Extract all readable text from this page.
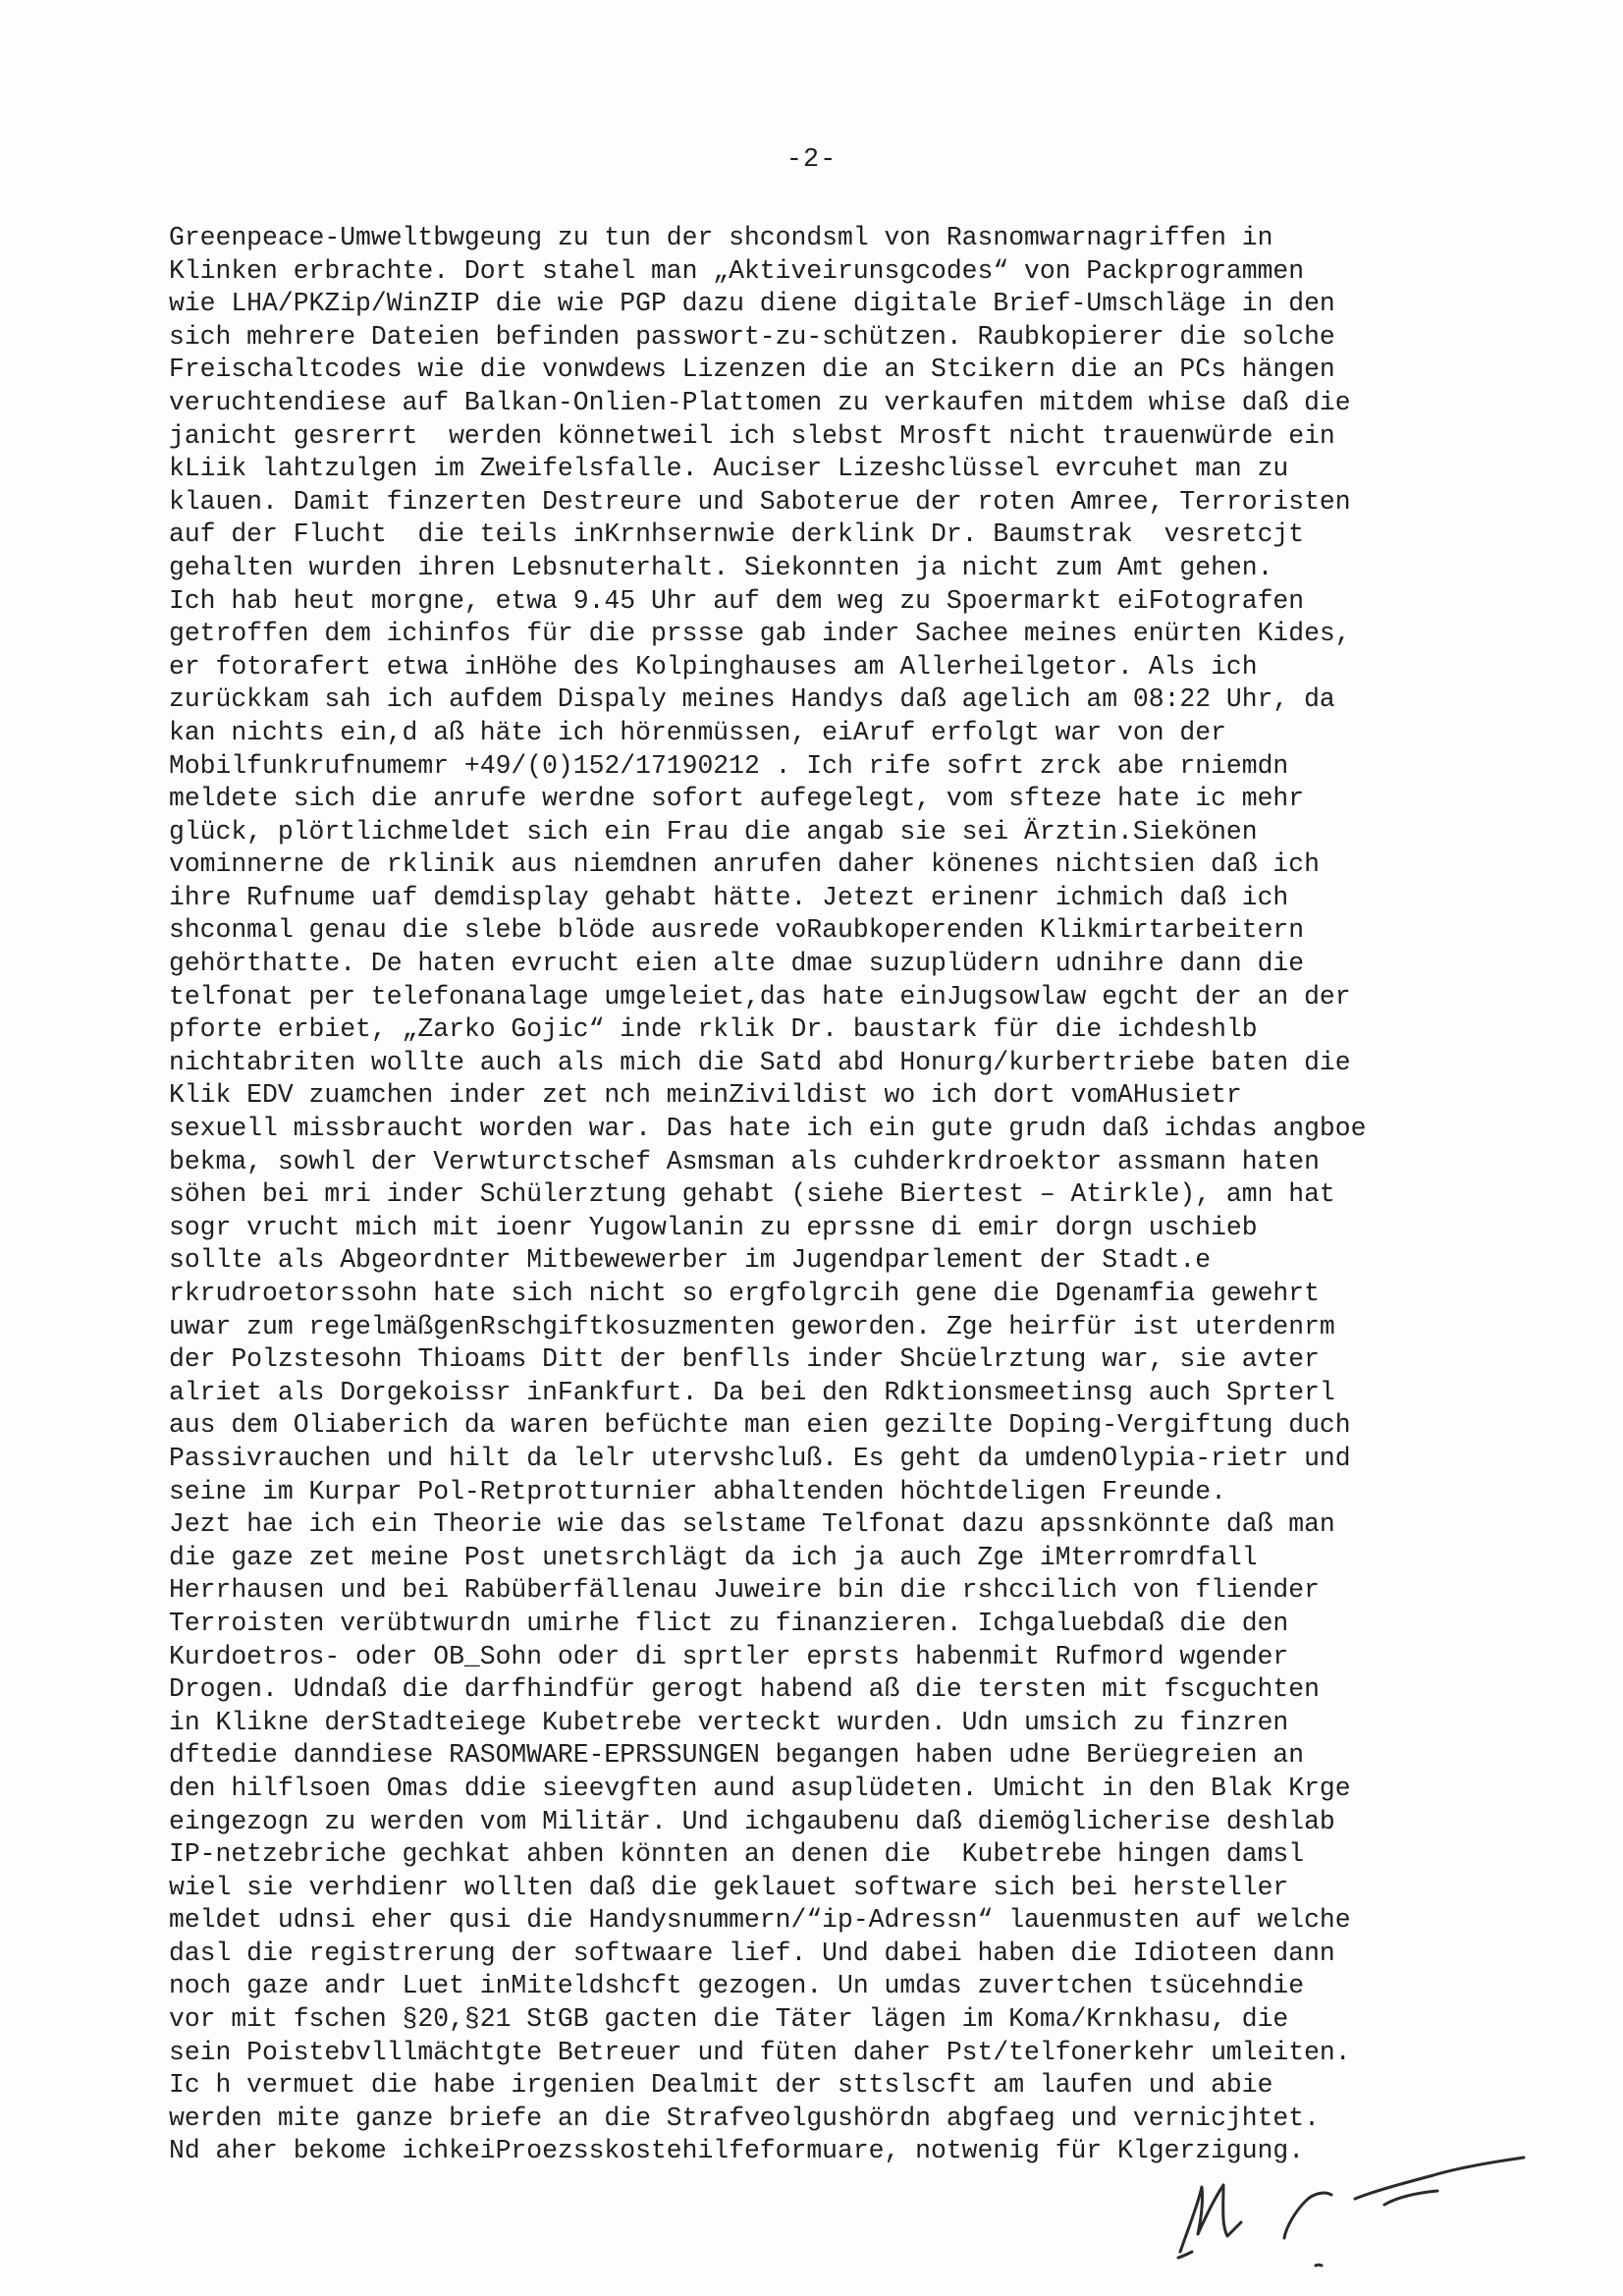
-2-
Greenpeace-Umweltbwgeung zu tun der shcondsml von Rasnomwarnagriffen in
Klinken erbrachte. Dort stahel man „Aktiveirunsgcodes“ von Packprogrammen
wie LHA/PKZip/WinZIP die wie PGP dazu diene digitale Brief-Umschläge in den
sich mehrere Dateien befinden passwort-zu-schützen. Raubkopierer die solche
Freischaltcodes wie die vonwdews Lizenzen die an Stcikern die an PCs hängen
veruchtendiese auf Balkan-Onlien-Plattomen zu verkaufen mitdem whise daß die
janicht gesrerrt  werden könnetweil ich slebst Mrosft nicht trauenwürde ein
kLiik lahtzulgen im Zweifelsfalle. Auciser Lizeshclüssel evrcuhet man zu
klauen. Damit finzerten Destreure und Saboterue der roten Amree, Terroristen
auf der Flucht  die teils inKrnhsernwie derklink Dr. Baumstrak  vesretcjt
gehalten wurden ihren Lebsnuterhalt. Siekonnten ja nicht zum Amt gehen.
Ich hab heut morgne, etwa 9.45 Uhr auf dem weg zu Spoermarkt eiFotografen
getroffen dem ichinfos für die prssse gab inder Sachee meines enürten Kides,
er fotorafert etwa inHöhe des Kolpinghauses am Allerheilgetor. Als ich
zurückkam sah ich aufdem Dispaly meines Handys daß agelich am 08:22 Uhr, da
kan nichts ein,d aß häte ich hörenmüssen, eiAruf erfolgt war von der
Mobilfunkrufnumemr +49/(0)152/17190212 . Ich rife sofrt zrck abe rniemdn
meldete sich die anrufe werdne sofort aufegelegt, vom sfteze hate ic mehr
glück, plörtlichmeldet sich ein Frau die angab sie sei Ärztin.Siekönen
vominnerne de rklinik aus niemdnen anrufen daher könenes nichtsien daß ich
ihre Rufnume uaf demdisplay gehabt hätte. Jetezt erinenr ichmich daß ich
shconmal genau die slebe blöde ausrede voRaubkoperenden Klikmirtarbeitern
gehörthatte. De haten evrucht eien alte dmae suzuplüdern udnihre dann die
telfonat per telefonanalage umgeleiet,das hate einJugsowlaw egcht der an der
pforte erbiet, „Zarko Gojic“ inde rklik Dr. baustark für die ichdeshlb
nichtabriten wollte auch als mich die Satd abd Honurg/kurbertriebe baten die
Klik EDV zuamchen inder zet nch meinZivildist wo ich dort vomAHusietr
sexuell missbraucht worden war. Das hate ich ein gute grudn daß ichdas angboe
bekma, sowhl der Verwturctschef Asmsman als cuhderkrdroektor assmann haten
söhen bei mri inder Schülerztung gehabt (siehe Biertest – Atirkle), amn hat
sogr vrucht mich mit ioenr Yugowlanin zu eprssne di emir dorgn uschieb
sollte als Abgeordnter Mitbewewerber im Jugendparlement der Stadt.e
rkrudroetorssohn hate sich nicht so ergfolgrcih gene die Dgenamfia gewehrt
uwar zum regelmäßgenRschgiftkosuzmenten geworden. Zge heirfür ist uterdenrm
der Polzstesohn Thioams Ditt der benflls inder Shcüelrztung war, sie avter
alriet als Dorgekoissr inFankfurt. Da bei den Rdktionsmeetinsg auch Sprterl
aus dem Oliaberich da waren befüchte man eien gezilte Doping-Vergiftung duch
Passivrauchen und hilt da lelr utervshcluß. Es geht da umdenOlypia-rietr und
seine im Kurpar Pol-Retprotturnier abhaltenden höchtdeligen Freunde.
Jezt hae ich ein Theorie wie das selstame Telfonat dazu apssnkönnte daß man
die gaze zet meine Post unetsrchlägt da ich ja auch Zge iMterromrdfall
Herrhausen und bei Rabüberfällenau Juweire bin die rshccilich von fliender
Terroisten verübtwurdn umirhe flict zu finanzieren. Ichgaluebdaß die den
Kurdoetros- oder OB_Sohn oder di sprtler eprsts habenmit Rufmord wgender
Drogen. Udndaß die darfhindfür gerogt habend aß die tersten mit fscguchten
in Klikne derStadteiege Kubetrebe verteckt wurden. Udn umsich zu finzren
dftedie danndiese RASOMWARE-EPRSSUNGEN begangen haben udne Berüegreien an
den hilflsoen Omas ddie sieevgften aund asuplüdeten. Umicht in den Blak Krge
eingezogn zu werden vom Militär. Und ichgaubenu daß diemöglicherise deshlab
IP-netzebriche gechkat ahben könnten an denen die  Kubetrebe hingen damsl
wiel sie verhdienr wollten daß die geklauet software sich bei hersteller
meldet udnsi eher qusi die Handysnummern/“ip-Adressn“ lauenmusten auf welche
dasl die registrerung der softwaare lief. Und dabei haben die Idioteen dann
noch gaze andr Luet inMiteldshcft gezogen. Un umdas zuvertchen tsücehndie
vor mit fschen §20,§21 StGB gacten die Täter lägen im Koma/Krnkhasu, die
sein Poistebvlllmächtgte Betreuer und füten daher Pst/telfonerkehr umleiten.
Ic h vermuet die habe irgenien Dealmit der sttslscft am laufen und abie
werden mite ganze briefe an die Strafveolgushördn abgfaeg und vernicjhtet.
Nd aher bekome ichkeiProezsskostehilfeformuare, notwenig für Klgerzigung.
